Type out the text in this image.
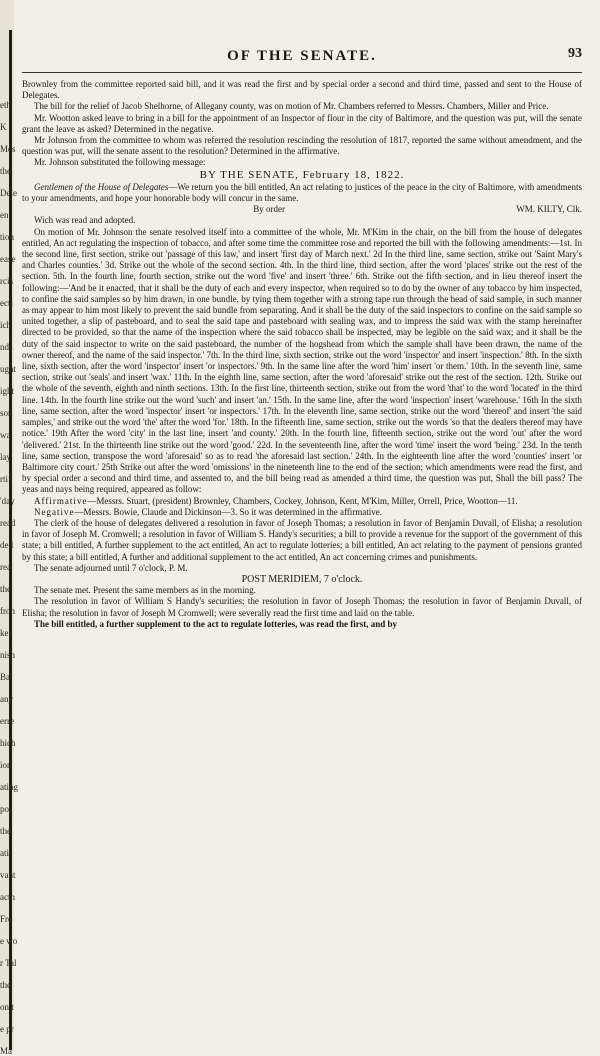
eth
K
Mes
the
Dele
ent
tion
ease
rcis
ecti
ich
nds
ught
ight
son
wa
lay
rtif
'day
read
ded
rea
the
fron
ket
nish
Bal
any
erre
hich
ion
ating
poi
the
ati
vant
actn
Fre
e wo
r Tal
the
on t
e pr
Ma
OF THE SENATE.	93

Brownley from the committee reported said bill, and it was read the first and by special order a second and third time, passed and sent to the House of Delegates.

The bill for the relief of Jacob Shelhorne, of Allegany county, was on motion of Mr. Chambers referred to Messrs. Chambers, Miller and Price.

Mr. Wootton asked leave to bring in a bill for the appointment of an Inspector of flour in the city of Baltimore, and the question was put, will the senate grant the leave as asked? Determined in the negative.

Mr Johnson from the committee to whom was referred the resolution rescinding the resolution of 1817, reported the same without amendment, and the question was put, will the senate assent to the resolution? Determined in the affirmative.

Mr. Johnson substituted the following message:

BY THE SENATE, February 18, 1822.

Gentlemen of the House of Delegates—We return you the bill entitled, An act relating to justices of the peace in the city of Baltimore, with amendments to your amendments, and hope your honorable body will concur in the same.

By order	WM. KILTY, Clk.

Wich was read and adopted.

On motion of Mr. Johnson the senate resolved itself into a committee of the whole, Mr. M'Kim in the chair, on the bill from the house of delegates entitled, An act regulating the inspection of tobacco, and after some time the committee rose and reported the bill with the following amendments:—1st. In the second line, first section, strike out 'passage of this law,' and insert 'first day of March next.' 2d In the third line, same section, strike out 'Saint Mary's and Charles counties.' 3d. Strike out the whole of the second section. 4th. In the third line, third section, after the word 'places' strike out the rest of the section. 5th. In the fourth line, fourth section, strike out the word 'five' and insert 'three.' 6th. Strike out the fifth section, and in lieu thereof insert the following:—'And be it enacted, that it shall be the duty of each and every inspector, when required so to do by the owner of any tobacco by him inspected, to confine the said samples so by him drawn, in one bundle, by tying them together with a strong tape run through the head of said sample, in such manner as may appear to him most likely to prevent the said bundle from separating. And it shall be the duty of the said inspectors to confine on the said sample so united together, a slip of pasteboard, and to seal the said tape and pasteboard with sealing wax, and to impress the said wax with the stamp hereinafter directed to be provided, so that the name of the inspection where the said tobacco shall be inspected, may be legible on the said wax; and it shall be the duty of the said inspector to write on the said pasteboard, the number of the hogshead from which the sample shall have been drawn, the name of the owner thereof, and the name of the said inspector.' 7th. In the third line, sixth section, strike out the word 'inspector' and insert 'inspection.' 8th. In the sixth line, sixth section, after the word 'inspector' insert 'or inspectors.' 9th. In the same line after the word 'him' insert 'or them.' 10th. In the seventh line, same section, strike out 'seals' and insert 'wax.' 11th. In the eighth line, same section, after the word 'aforesaid' strike out the rest of the section. 12th. Strike out the whole of the seventh, eighth and ninth sections. 13th. In the first line, thirteenth section, strike out from the word 'that' to the word 'located' in the third line. 14th. In the fourth line strike out the word 'such' and insert 'an.' 15th. In the same line, after the word 'inspection' insert 'warehouse.' 16th In the sixth line, same section, after the word 'inspector' insert 'or inspectors.' 17th. In the eleventh line, same section, strike out the word 'thereof' and insert 'the said samples,' and strike out the word 'the' after the word 'for.' 18th. In the fifteenth line, same section, strike out the words 'so that the dealers thereof may have notice.' 19th After the word 'city' in the last line, insert 'and county.' 20th. In the fourth line, fifteenth section, strike out the word 'out' after the word 'delivered.' 21st. In the thirteenth line strike out the word 'good.' 22d. In the seventeenth line, after the word 'time' insert the word 'being.' 23d. In the tenth line, same section, transpose the word 'aforesaid' so as to read 'the aforesaid last section.' 24th. In the eighteenth line after the word 'counties' insert 'or Baltimore city court.' 25th Strike out after the word 'omissions' in the nineteenth line to the end of the section; which amendments were read the first, and by special order a second and third time, and assented to, and the bill being read as amended a third time, the question was put, Shall the bill pass? The yeas and nays being required, appeared as follow:

Affirmative—Messrs. Stuart, (president) Brownley, Chambers, Cockey, Johnson, Kent, M'Kim, Miller, Orrell, Price, Wootton—11.

Negative—Messrs. Bowie, Claude and Dickinson—3. So it was determined in the affirmative.

The clerk of the house of delegates delivered a resolution in favor of Joseph Thomas; a resolution in favor of Benjamin Duvall, of Elisha; a resolution in favor of Joseph M. Cromwell; a resolution in favor of William S. Handy's securities; a bill to provide a revenue for the support of the government of this state; a bill entitled, A further supplement to the act entitled, An act to regulate lotteries; a bill entitled, An act relating to the payment of pensions granted by this state; a bill entitled, A further and additional supplement to the act entitled, An act concerning crimes and punishments.

The senate adjourned until 7 o'clock, P. M.

POST MERIDIEM, 7 o'clock.

The senate met. Present the same members as in the morning.

The resolution in favor of William S Handy's securities; the resolution in favor of Joseph Thomas; the resolution in favor of Benjamin Duvall, of Elisha; the resolution in favor of Joseph M Cromwell; were severally read the first time and laid on the table.

The bill entitled, a further supplement to the act to regulate lotteries, was read the first, and by
